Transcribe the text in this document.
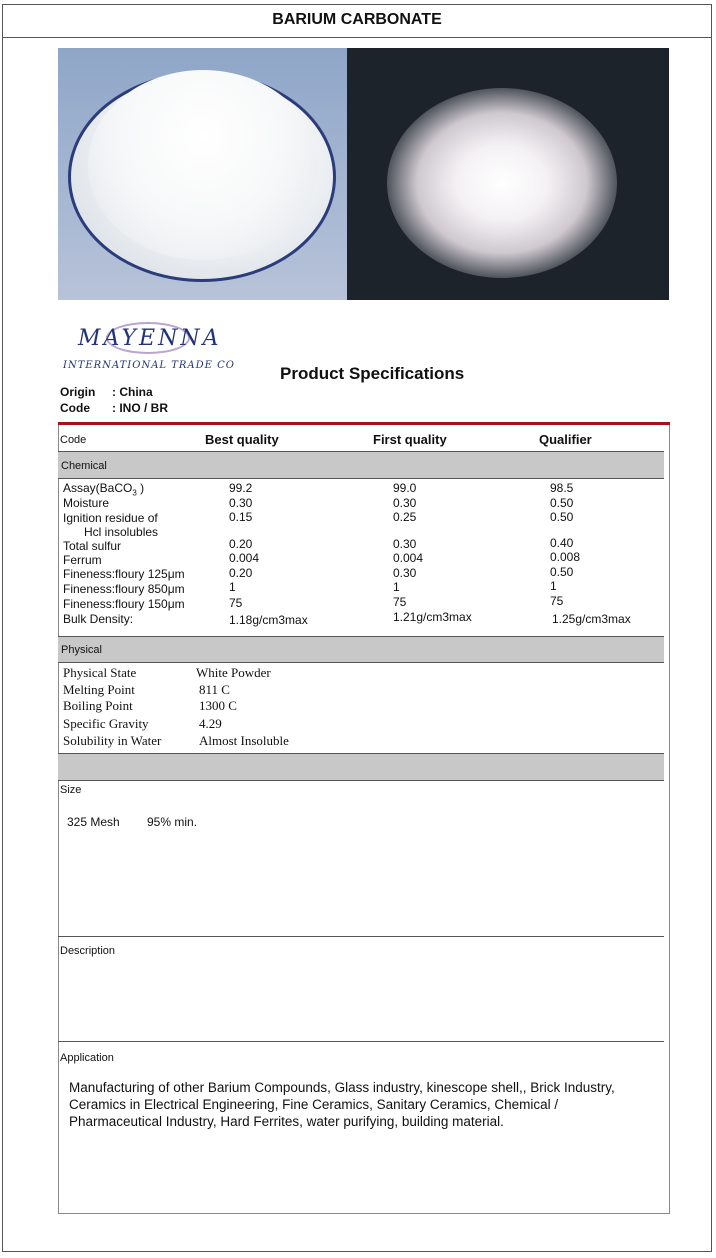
BARIUM CARBONATE
MAYENNA
INTERNATIONAL TRADE CO	Product Specifications
Origin : China
Code : INO / BR
Code	Best quality	First quality	Qualifier
Chemical
Assay(BaCO$_3$ )	99.2	99.0	98.5
Moisture	0.30	0.30	0.50
Ignition residue of	0.15	0.25	0.50
Hcl insolubles
Total sulfur	0.20	0.30	0.40
Ferrum	0.004	0.004	0.008
Fineness:floury 125μm	0.20	0.30	0.50
Fineness:floury 850μm	1	1	1
Fineness:floury 150μm	75	75	75
Bulk Density:	1.18g/cm3max	1.21g/cm3max	1.25g/cm3max
Physical
Physical State	White Powder
Melting Point	811 C
Boiling Point	1300 C
Specific Gravity	4.29
Solubility in Water	Almost Insoluble
Size
325 Mesh 95% min.
Description
Application
Manufacturing of other Barium Compounds, Glass industry, kinescope shell,, Brick Industry, Ceramics in Electrical Engineering, Fine Ceramics, Sanitary Ceramics, Chemical / Pharmaceutical Industry, Hard Ferrites, water purifying, building material.
